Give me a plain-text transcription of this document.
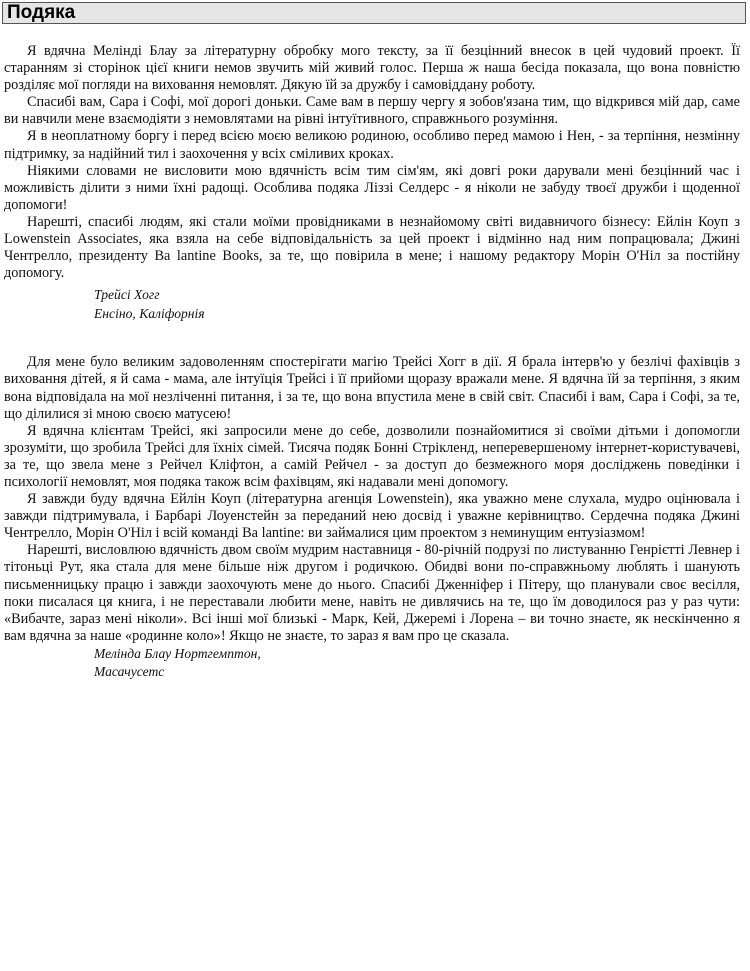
Подяка

Я вдячна Мелінді Блау за літературну обробку мого тексту, за її безцінний внесок в цей чудовий проект. Її старанням зі сторінок цієї книги немов звучить мій живий голос. Перша ж наша бесіда показала, що вона повністю розділяє мої погляди на виховання немовлят. Дякую їй за дружбу і самовіддану роботу.

Спасибі вам, Сара і Софі, мої дорогі доньки. Саме вам в першу чергу я зобов'язана тим, що відкрився мій дар, саме ви навчили мене взаємодіяти з немовлятами на рівні інтуїтивного, справжнього розуміння.

Я в неоплатному боргу і перед всією моєю великою родиною, особливо перед мамою і Нен, - за терпіння, незмінну підтримку, за надійний тил і заохочення у всіх сміливих кроках.

Ніякими словами не висловити мою вдячність всім тим сім'ям, які довгі роки дарували мені безцінний час і можливість ділити з ними їхні радощі. Особлива подяка Ліззі Селдерс - я ніколи не забуду твоєї дружби і щоденної допомоги!

Нарешті, спасибі людям, які стали моїми провідниками в незнайомому світі видавничого бізнесу: Ейлін Коуп з Lowenstein Associates, яка взяла на себе відповідальність за цей проект і відмінно над ним попрацювала; Джині Чентрелло, президенту Ва lantine Books, за те, що повірила в мене; і нашому редактору Морін О'Ніл за постійну допомогу.

Трейсі Хогг

Енсіно, Каліфорнія

Для мене було великим задоволенням спостерігати магію Трейсі Хогг в дії. Я брала інтерв'ю у безлічі фахівців з виховання дітей, я й сама - мама, але інтуїція Трейсі і її прийоми щоразу вражали мене. Я вдячна їй за терпіння, з яким вона відповідала на мої незліченні питання, і за те, що вона впустила мене в свій світ. Спасибі і вам, Сара і Софі, за те, що ділилися зі мною своєю матусею!

Я вдячна клієнтам Трейсі, які запросили мене до себе, дозволили познайомитися зі своїми дітьми і допомогли зрозуміти, що зробила Трейсі для їхніх сімей. Тисяча подяк Бонні Стрікленд, неперевершеному інтернет-користувачеві, за те, що звела мене з Рейчел Кліфтон, а самій Рейчел - за доступ до безмежного моря досліджень поведінки і психології немовлят, моя подяка також всім фахівцям, які надавали мені допомогу.

Я завжди буду вдячна Ейлін Коуп (літературна агенція Lowenstein), яка уважно мене слухала, мудро оцінювала і завжди підтримувала, і Барбарі Лоуенстейн за переданий нею досвід і уважне керівництво. Сердечна подяка Джині Чентрелло, Морін О'Ніл і всій команді Ва lantine: ви займалися цим проектом з неминущим ентузіазмом!

Нарешті, висловлюю вдячність двом своїм мудрим наставниця - 80-річній подрузі по листуванню Генрієтті Левнер і тітоньці Рут, яка стала для мене більше ніж другом і родичкою. Обидві вони по-справжньому люблять і шанують письменницьку працю і завжди заохочують мене до нього. Спасибі Дженніфер і Пітеру, що планували своє весілля, поки писалася ця книга, і не переставали любити мене, навіть не дивлячись на те, що їм доводилося раз у раз чути: «Вибачте, зараз мені ніколи». Всі інші мої близькі - Марк, Кей, Джеремі і Лорена – ви точно знаєте, як нескінченно я вам вдячна за наше «родинне коло»! Якщо не знаєте, то зараз я вам про це сказала.

Мелінда Блау Нортгемптон,

Масачусетс
